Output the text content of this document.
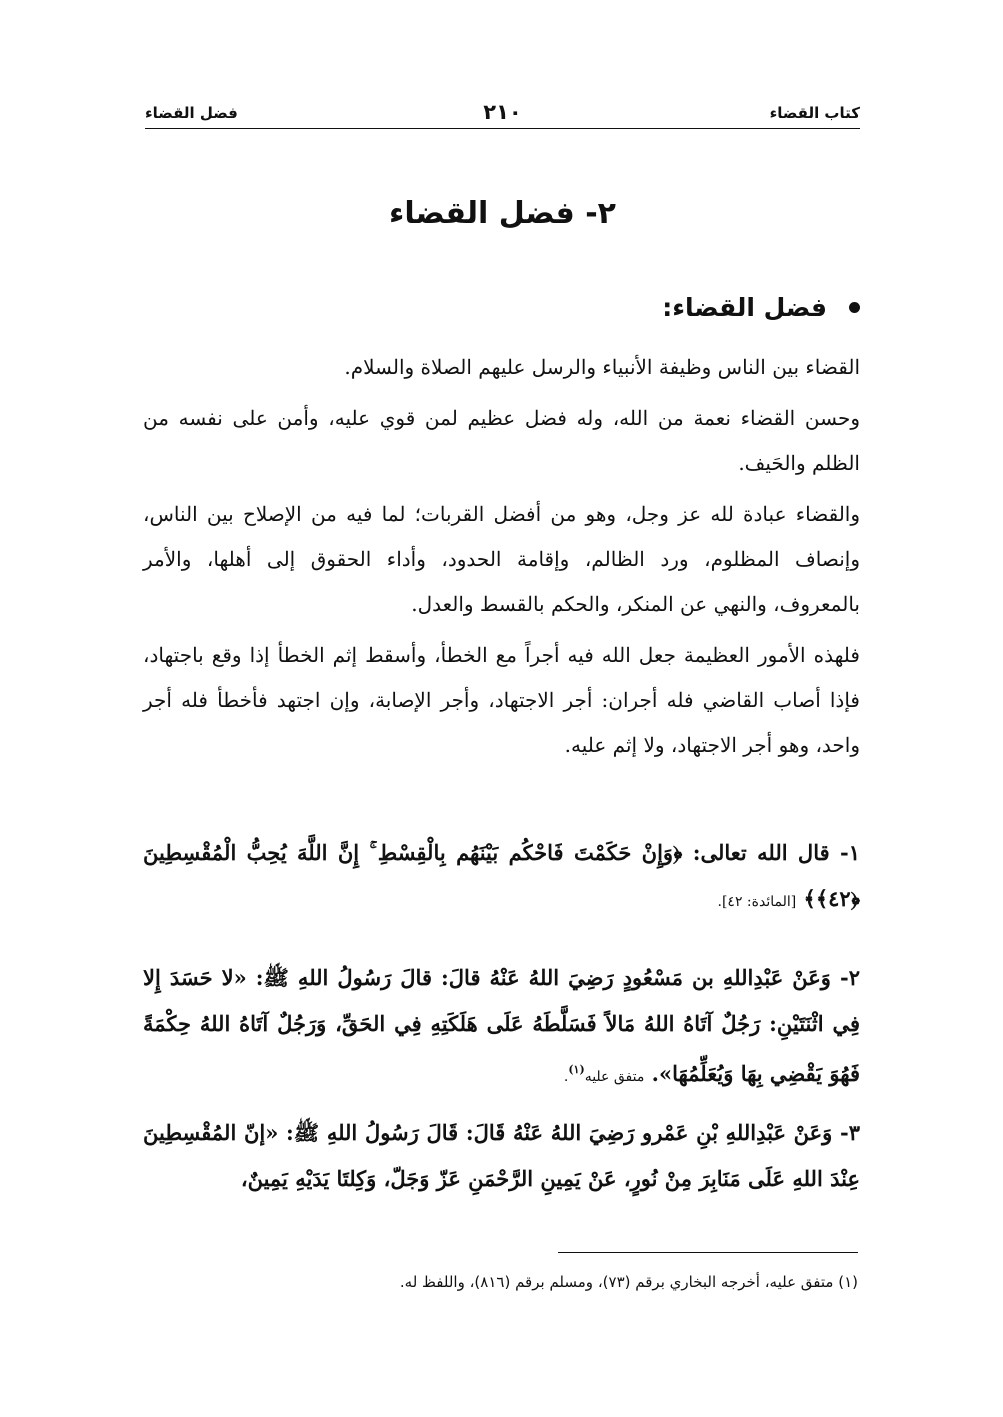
كتاب القضاء
٢١٠
فضل القضاء
٢- فضل القضاء
فضل القضاء:

القضاء بين الناس وظيفة الأنبياء والرسل عليهم الصلاة والسلام.

وحسن القضاء نعمة من الله، وله فضل عظيم لمن قوي عليه، وأمن على نفسه من الظلم والحَيف.

والقضاء عبادة لله عز وجل، وهو من أفضل القربات؛ لما فيه من الإصلاح بين الناس، وإنصاف المظلوم، ورد الظالم، وإقامة الحدود، وأداء الحقوق إلى أهلها، والأمر بالمعروف، والنهي عن المنكر، والحكم بالقسط والعدل.

فلهذه الأمور العظيمة جعل الله فيه أجراً مع الخطأ، وأسقط إثم الخطأ إذا وقع باجتهاد، فإذا أصاب القاضي فله أجران: أجر الاجتهاد، وأجر الإصابة، وإن اجتهد فأخطأ فله أجر واحد، وهو أجر الاجتهاد، ولا إثم عليه.

١- قال الله تعالى: ﴿وَإِنْ حَكَمْتَ فَاحْكُم بَيْنَهُم بِالْقِسْطِ ۚ إِنَّ اللَّهَ يُحِبُّ الْمُقْسِطِينَ ﴿٤٢﴾﴾ [المائدة: ٤٢].
٢- وَعَنْ عَبْدِاللهِ بن مَسْعُودٍ رَضِيَ اللهُ عَنْهُ قالَ: قالَ رَسُولُ اللهِ ﷺ: «لا حَسَدَ إِلا فِي اثْنَتَيْنِ: رَجُلٌ آتَاهُ اللهُ مَالاً فَسَلَّطَهُ عَلَى هَلَكَتِهِ فِي الحَقِّ، وَرَجُلٌ آتَاهُ اللهُ حِكْمَةً فَهُوَ يَقْضِي بِهَا وَيُعَلِّمُهَا». متفق عليه$^{(١)}$.
٣- وَعَنْ عَبْدِاللهِ بْنِ عَمْرو رَضِيَ اللهُ عَنْهُ قَالَ: قَالَ رَسُولُ اللهِ ﷺ: «إنّ المُقْسِطِينَ عِنْدَ اللهِ عَلَى مَنَابِرَ مِنْ نُورٍ، عَنْ يَمِينِ الرَّحْمَنِ عَزّ وَجَلّ، وَكِلتَا يَدَيْهِ يَمِينٌ،
(١) متفق عليه، أخرجه البخاري برقم (٧٣)، ومسلم برقم (٨١٦)، واللفظ له.
